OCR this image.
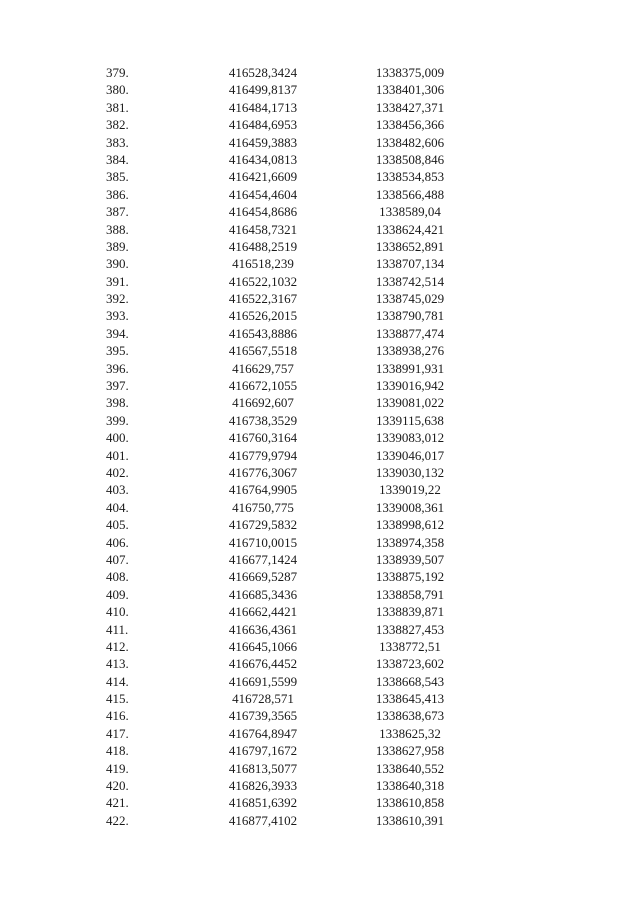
379.	416528,3424	1338375,009
380.	416499,8137	1338401,306
381.	416484,1713	1338427,371
382.	416484,6953	1338456,366
383.	416459,3883	1338482,606
384.	416434,0813	1338508,846
385.	416421,6609	1338534,853
386.	416454,4604	1338566,488
387.	416454,8686	1338589,04
388.	416458,7321	1338624,421
389.	416488,2519	1338652,891
390.	416518,239	1338707,134
391.	416522,1032	1338742,514
392.	416522,3167	1338745,029
393.	416526,2015	1338790,781
394.	416543,8886	1338877,474
395.	416567,5518	1338938,276
396.	416629,757	1338991,931
397.	416672,1055	1339016,942
398.	416692,607	1339081,022
399.	416738,3529	1339115,638
400.	416760,3164	1339083,012
401.	416779,9794	1339046,017
402.	416776,3067	1339030,132
403.	416764,9905	1339019,22
404.	416750,775	1339008,361
405.	416729,5832	1338998,612
406.	416710,0015	1338974,358
407.	416677,1424	1338939,507
408.	416669,5287	1338875,192
409.	416685,3436	1338858,791
410.	416662,4421	1338839,871
411.	416636,4361	1338827,453
412.	416645,1066	1338772,51
413.	416676,4452	1338723,602
414.	416691,5599	1338668,543
415.	416728,571	1338645,413
416.	416739,3565	1338638,673
417.	416764,8947	1338625,32
418.	416797,1672	1338627,958
419.	416813,5077	1338640,552
420.	416826,3933	1338640,318
421.	416851,6392	1338610,858
422.	416877,4102	1338610,391
